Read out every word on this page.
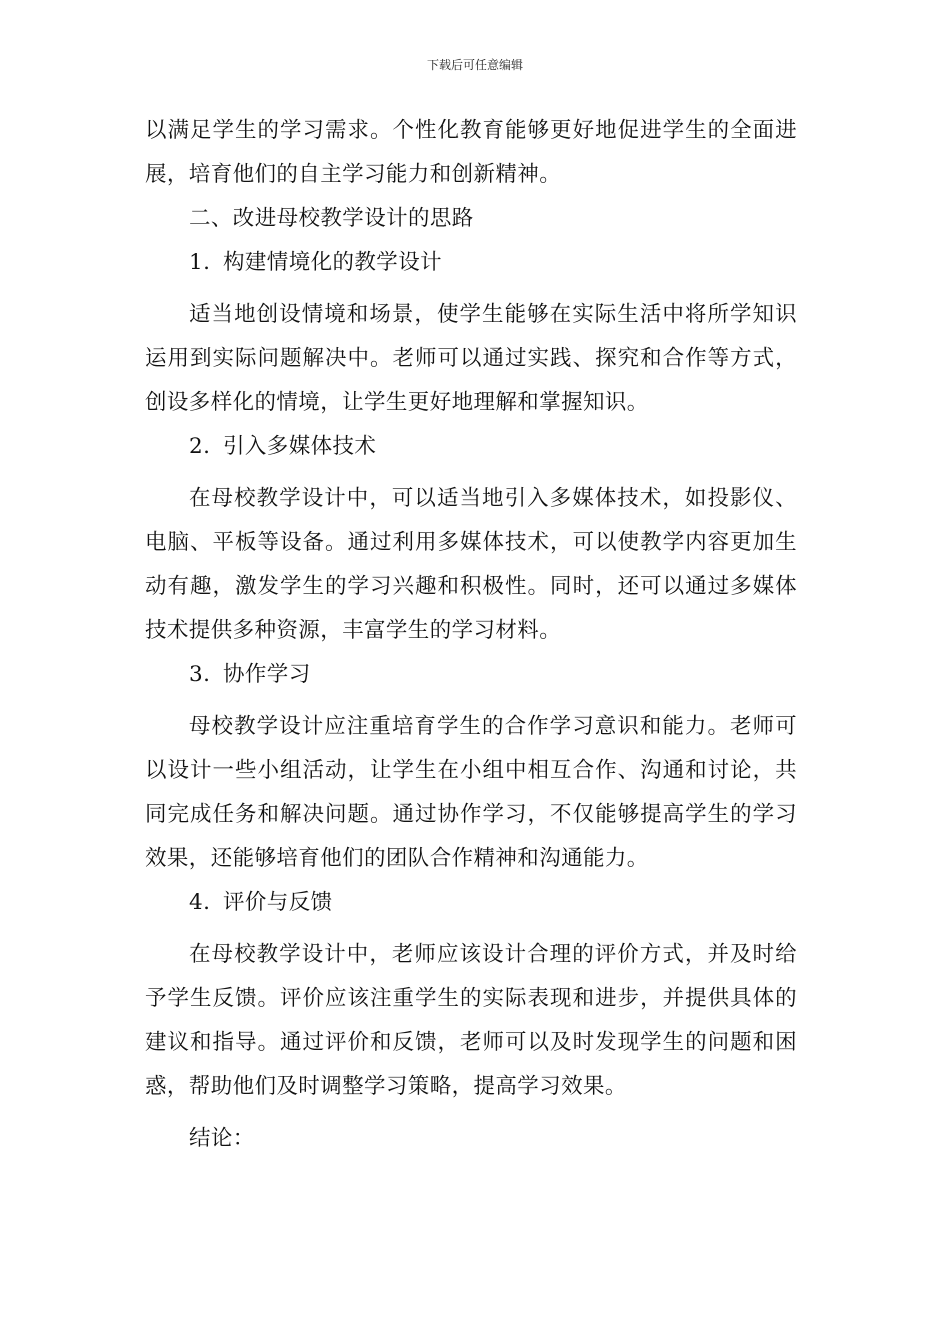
下载后可任意编辑

以满足学生的学习需求。个性化教育能够更好地促进学生的全面进展，培育他们的自主学习能力和创新精神。

二、改进母校教学设计的思路

1. 构建情境化的教学设计

适当地创设情境和场景，使学生能够在实际生活中将所学知识运用到实际问题解决中。老师可以通过实践、探究和合作等方式，创设多样化的情境，让学生更好地理解和掌握知识。

2. 引入多媒体技术

在母校教学设计中，可以适当地引入多媒体技术，如投影仪、电脑、平板等设备。通过利用多媒体技术，可以使教学内容更加生动有趣，激发学生的学习兴趣和积极性。同时，还可以通过多媒体技术提供多种资源，丰富学生的学习材料。

3. 协作学习

母校教学设计应注重培育学生的合作学习意识和能力。老师可以设计一些小组活动，让学生在小组中相互合作、沟通和讨论，共同完成任务和解决问题。通过协作学习，不仅能够提高学生的学习效果，还能够培育他们的团队合作精神和沟通能力。

4. 评价与反馈

在母校教学设计中，老师应该设计合理的评价方式，并及时给予学生反馈。评价应该注重学生的实际表现和进步，并提供具体的建议和指导。通过评价和反馈，老师可以及时发现学生的问题和困惑，帮助他们及时调整学习策略，提高学习效果。

结论：
